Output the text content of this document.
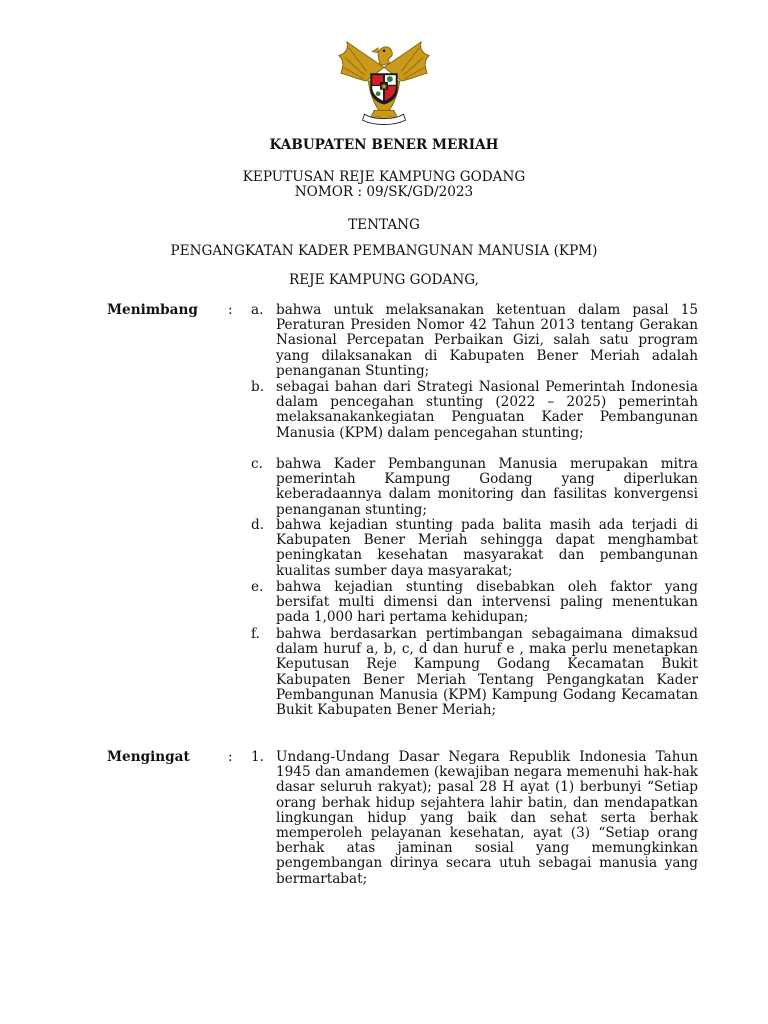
KABUPATEN BENER MERIAH
KEPUTUSAN REJE KAMPUNG GODANG
NOMOR : 09/SK/GD/2023
TENTANG
PENGANGKATAN KADER PEMBANGUNAN MANUSIA (KPM)
REJE KAMPUNG GODANG,
Menimbang : a. bahwa untuk melaksanakan ketentuan dalam pasal 15 Peraturan Presiden Nomor 42 Tahun 2013 tentang Gerakan Nasional Percepatan Perbaikan Gizi, salah satu program yang dilaksanakan di Kabupaten Bener Meriah adalah penanganan Stunting;
b. sebagai bahan dari Strategi Nasional Pemerintah Indonesia dalam pencegahan stunting (2022 – 2025) pemerintah melaksanakankegiatan Penguatan Kader Pembangunan Manusia (KPM) dalam pencegahan stunting;
c. bahwa Kader Pembangunan Manusia merupakan mitra pemerintah Kampung Godang yang diperlukan keberadaannya dalam monitoring dan fasilitas konvergensi penanganan stunting;
d. bahwa kejadian stunting pada balita masih ada terjadi di Kabupaten Bener Meriah sehingga dapat menghambat peningkatan kesehatan masyarakat dan pembangunan kualitas sumber daya masyarakat;
e. bahwa kejadian stunting disebabkan oleh faktor yang bersifat multi dimensi dan intervensi paling menentukan pada 1,000 hari pertama kehidupan;
f. bahwa berdasarkan pertimbangan sebagaimana dimaksud dalam huruf a, b, c, d dan huruf e , maka perlu menetapkan Keputusan Reje Kampung Godang Kecamatan Bukit Kabupaten Bener Meriah Tentang Pengangkatan Kader Pembangunan Manusia (KPM) Kampung Godang Kecamatan Bukit Kabupaten Bener Meriah;
Mengingat	: 1. Undang-Undang Dasar Negara Republik Indonesia Tahun 1945 dan amandemen (kewajiban negara memenuhi hak-hak dasar seluruh rakyat); pasal 28 H ayat (1) berbunyi “Setiap orang berhak hidup sejahtera lahir batin, dan mendapatkan lingkungan hidup yang baik dan sehat serta berhak memperoleh pelayanan kesehatan, ayat (3) “Setiap orang berhak atas jaminan sosial yang memungkinkan pengembangan dirinya secara utuh sebagai manusia yang bermartabat;
